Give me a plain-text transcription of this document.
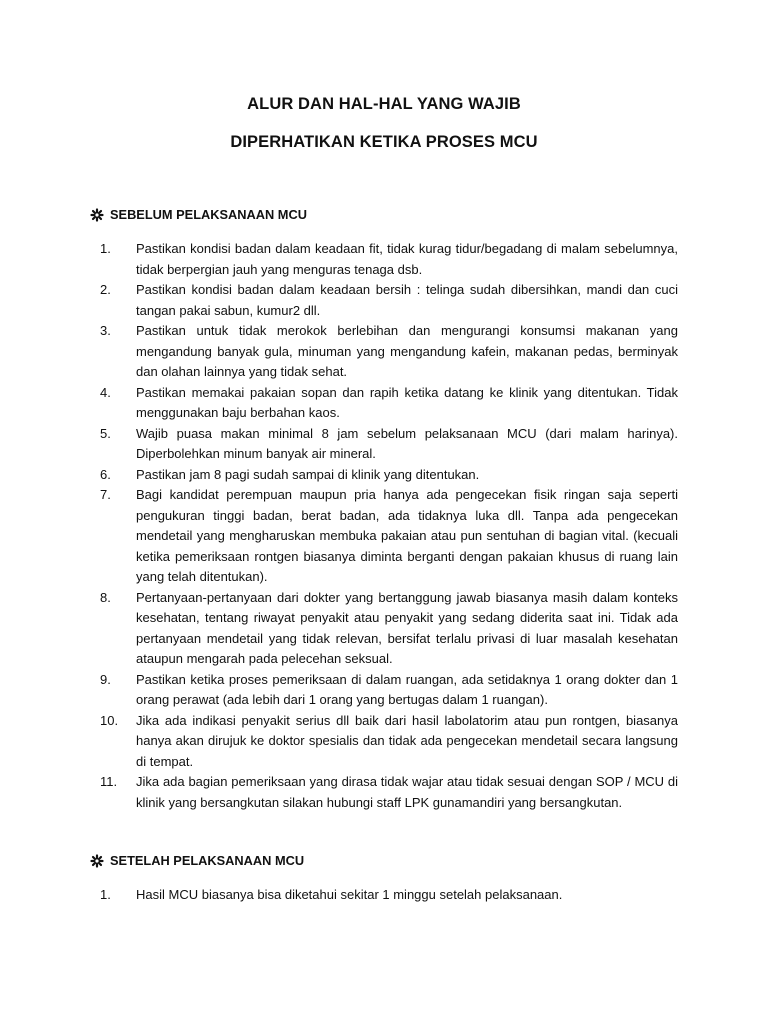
ALUR DAN HAL-HAL YANG WAJIB
DIPERHATIKAN KETIKA PROSES MCU
SEBELUM PELAKSANAAN MCU
1.	Pastikan kondisi badan dalam keadaan fit, tidak kurag tidur/begadang di malam sebelumnya, tidak berpergian jauh yang menguras tenaga dsb.
2.	Pastikan kondisi badan dalam keadaan bersih : telinga sudah dibersihkan, mandi dan cuci tangan pakai sabun, kumur2 dll.
3.	Pastikan untuk tidak merokok berlebihan dan mengurangi konsumsi makanan yang mengandung banyak gula, minuman yang mengandung kafein, makanan pedas, berminyak dan olahan lainnya yang tidak sehat.
4.	Pastikan memakai pakaian sopan dan rapih ketika datang ke klinik yang ditentukan. Tidak menggunakan baju berbahan kaos.
5.	Wajib puasa makan minimal 8 jam sebelum pelaksanaan MCU (dari malam harinya). Diperbolehkan minum banyak air mineral.
6.	Pastikan jam 8 pagi sudah sampai di klinik yang ditentukan.
7.	Bagi kandidat perempuan maupun pria hanya ada pengecekan fisik ringan saja seperti pengukuran tinggi badan, berat badan, ada tidaknya luka dll. Tanpa ada pengecekan mendetail yang mengharuskan membuka pakaian atau pun sentuhan di bagian vital. (kecuali ketika pemeriksaan rontgen biasanya diminta berganti dengan pakaian khusus di ruang lain yang telah ditentukan).
8.	Pertanyaan-pertanyaan dari dokter yang bertanggung jawab biasanya masih dalam konteks kesehatan, tentang riwayat penyakit atau penyakit yang sedang diderita saat ini. Tidak ada pertanyaan mendetail yang tidak relevan, bersifat terlalu privasi di luar masalah kesehatan ataupun mengarah pada pelecehan seksual.
9.	Pastikan ketika proses pemeriksaan di dalam ruangan, ada setidaknya 1 orang dokter dan 1 orang perawat (ada lebih dari 1 orang yang bertugas dalam 1 ruangan).
10.	Jika ada indikasi penyakit serius dll baik dari hasil labolatorim atau pun rontgen, biasanya hanya akan dirujuk ke doktor spesialis dan tidak ada pengecekan mendetail secara langsung di tempat.
11.	Jika ada bagian pemeriksaan yang dirasa tidak wajar atau tidak sesuai dengan SOP / MCU di klinik yang bersangkutan silakan hubungi staff LPK gunamandiri yang bersangkutan.
SETELAH PELAKSANAAN MCU
1.	Hasil MCU biasanya bisa diketahui sekitar 1 minggu setelah pelaksanaan.
